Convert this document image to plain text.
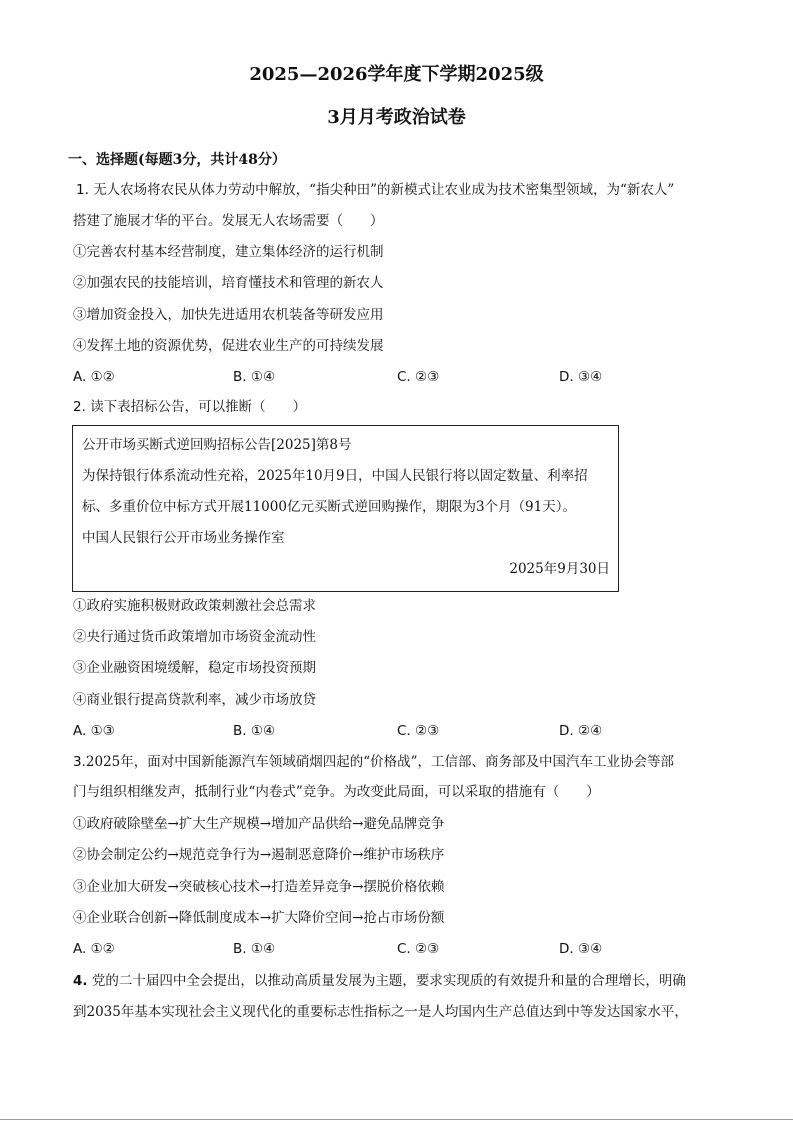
2025—2026学年度下学期2025级
3月月考政治试卷
一、选择题(每题3分，共计48分）
1. 无人农场将农民从体力劳动中解放，“指尖种田”的新模式让农业成为技术密集型领域，为“新农人”
搭建了施展才华的平台。发展无人农场需要（　　）
①完善农村基本经营制度，建立集体经济的运行机制
②加强农民的技能培训，培育懂技术和管理的新农人
③增加资金投入，加快先进适用农机装备等研发应用
④发挥土地的资源优势，促进农业生产的可持续发展
A. ①②	B. ①④	C. ②③	D. ③④
2. 读下表招标公告，可以推断（　　）
公开市场买断式逆回购招标公告[2025]第8号
为保持银行体系流动性充裕，2025年10月9日，中国人民银行将以固定数量、利率招
标、多重价位中标方式开展11000亿元买断式逆回购操作，期限为3个月（91天）。
中国人民银行公开市场业务操作室
2025年9月30日
①政府实施积极财政政策刺激社会总需求
②央行通过货币政策增加市场资金流动性
③企业融资困境缓解，稳定市场投资预期
④商业银行提高贷款利率，减少市场放贷
A. ①③	B. ①④	C. ②③	D. ②④
3.2025年，面对中国新能源汽车领域硝烟四起的“价格战”，工信部、商务部及中国汽车工业协会等部
门与组织相继发声，抵制行业“内卷式”竞争。为改变此局面，可以采取的措施有（　　）
①政府破除壁垒→扩大生产规模→增加产品供给→避免品牌竞争
②协会制定公约→规范竞争行为→遏制恶意降价→维护市场秩序
③企业加大研发→突破核心技术→打造差异竞争→摆脱价格依赖
④企业联合创新→降低制度成本→扩大降价空间→抢占市场份额
A. ①②	B. ①④	C. ②③	D. ③④
4. 党的二十届四中全会提出，以推动高质量发展为主题，要求实现质的有效提升和量的合理增长，明确
到2035年基本实现社会主义现代化的重要标志性指标之一是人均国内生产总值达到中等发达国家水平，
